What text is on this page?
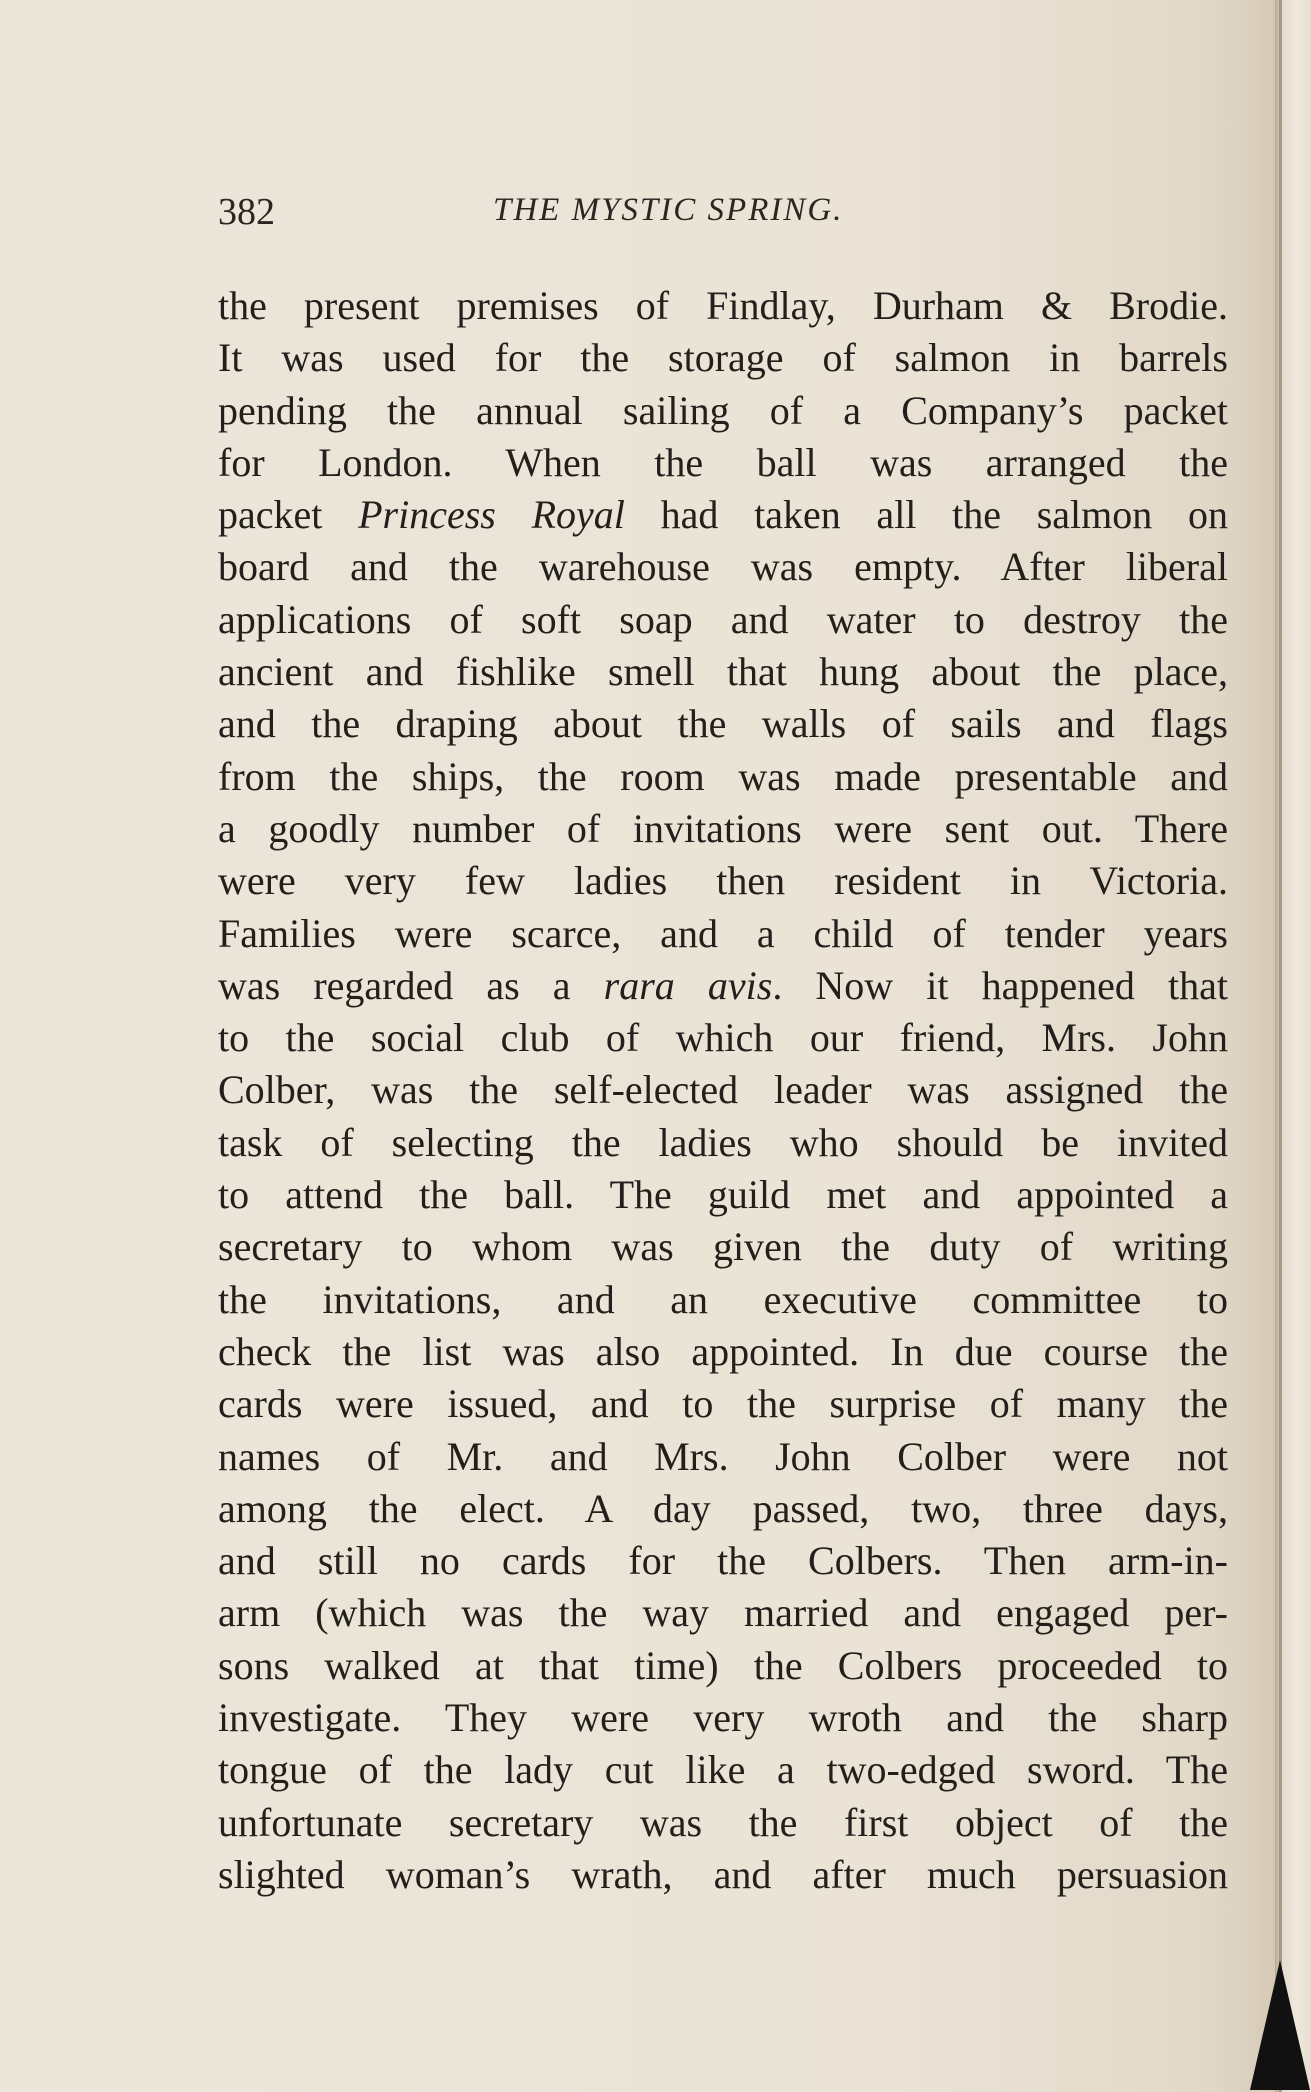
382	THE MYSTIC SPRING.
the present premises of Findlay, Durham & Brodie.
It was used for the storage of salmon in barrels
pending the annual sailing of a Company’s packet
for London. When the ball was arranged the
packet Princess Royal had taken all the salmon on
board and the warehouse was empty. After liberal
applications of soft soap and water to destroy the
ancient and fishlike smell that hung about the place,
and the draping about the walls of sails and flags
from the ships, the room was made presentable and
a goodly number of invitations were sent out. There
were very few ladies then resident in Victoria.
Families were scarce, and a child of tender years
was regarded as a rara avis. Now it happened that
to the social club of which our friend, Mrs. John
Colber, was the self-elected leader was assigned the
task of selecting the ladies who should be invited
to attend the ball. The guild met and appointed a
secretary to whom was given the duty of writing
the invitations, and an executive committee to
check the list was also appointed. In due course the
cards were issued, and to the surprise of many the
names of Mr. and Mrs. John Colber were not
among the elect. A day passed, two, three days,
and still no cards for the Colbers. Then arm-in-
arm (which was the way married and engaged per-
sons walked at that time) the Colbers proceeded to
investigate. They were very wroth and the sharp
tongue of the lady cut like a two-edged sword. The
unfortunate secretary was the first object of the
slighted woman’s wrath, and after much persuasion
